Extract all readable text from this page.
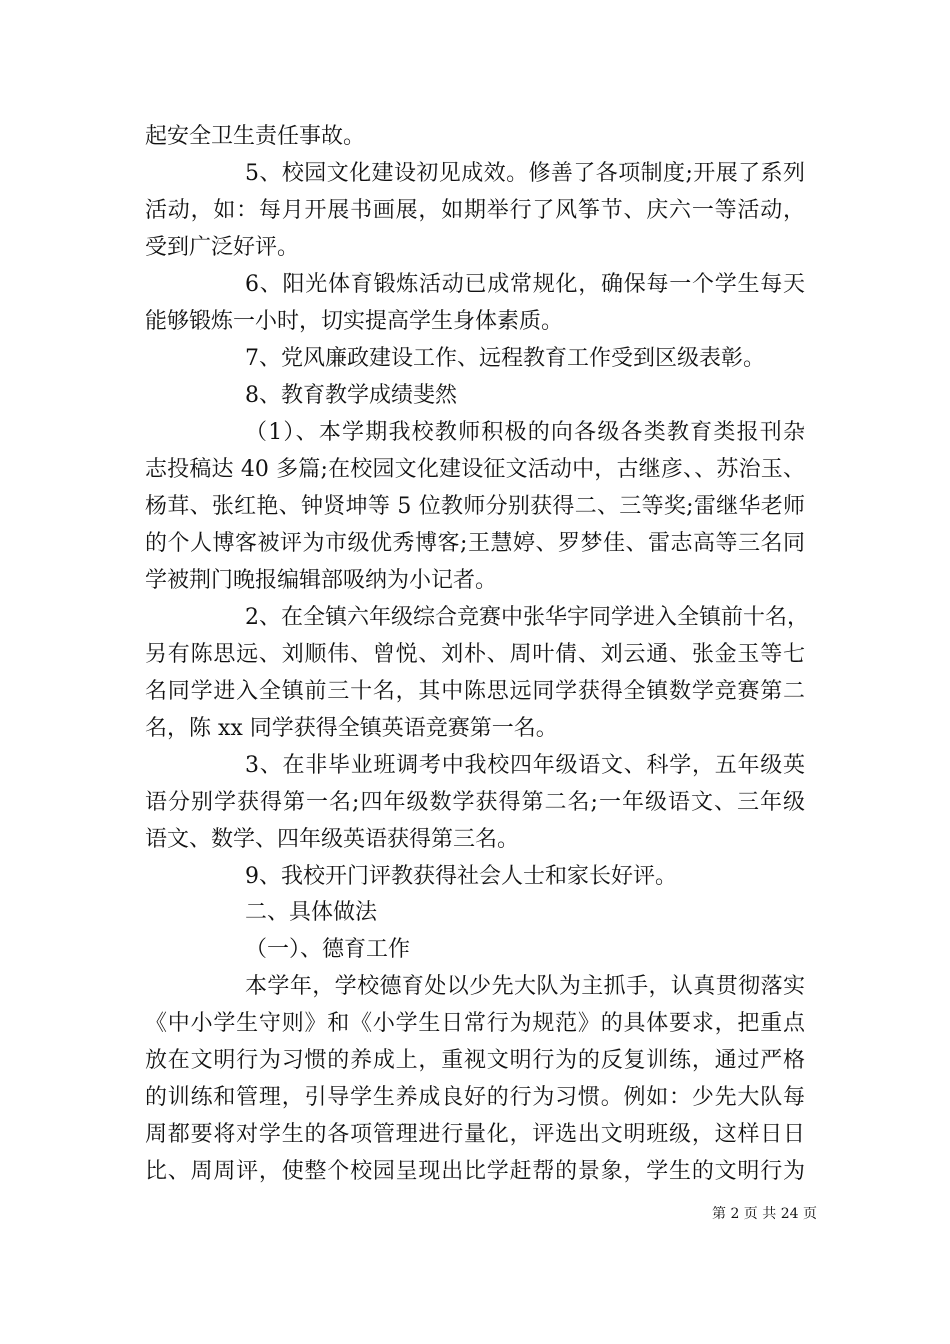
起安全卫生责任事故。
5、校园文化建设初见成效。修善了各项制度;开展了系列
活动，如：每月开展书画展，如期举行了风筝节、庆六一等活动，
受到广泛好评。
6、阳光体育锻炼活动已成常规化，确保每一个学生每天
能够锻炼一小时，切实提高学生身体素质。
7、党风廉政建设工作、远程教育工作受到区级表彰。
8、教育教学成绩斐然
（1）、本学期我校教师积极的向各级各类教育类报刊杂
志投稿达 40 多篇;在校园文化建设征文活动中，古继彦、、苏治玉、
杨茸、张红艳、钟贤坤等 5 位教师分别获得二、三等奖;雷继华老师
的个人博客被评为市级优秀博客;王慧婷、罗梦佳、雷志高等三名同
学被荆门晚报编辑部吸纳为小记者。
2、在全镇六年级综合竞赛中张华宇同学进入全镇前十名，
另有陈思远、刘顺伟、曾悦、刘朴、周叶倩、刘云通、张金玉等七
名同学进入全镇前三十名，其中陈思远同学获得全镇数学竞赛第二
名，陈 xx 同学获得全镇英语竞赛第一名。
3、在非毕业班调考中我校四年级语文、科学，五年级英
语分别学获得第一名;四年级数学获得第二名;一年级语文、三年级
语文、数学、四年级英语获得第三名。
9、我校开门评教获得社会人士和家长好评。
二、具体做法
（一）、德育工作
本学年，学校德育处以少先大队为主抓手，认真贯彻落实
《中小学生守则》和《小学生日常行为规范》的具体要求，把重点
放在文明行为习惯的养成上，重视文明行为的反复训练，通过严格
的训练和管理，引导学生养成良好的行为习惯。例如：少先大队每
周都要将对学生的各项管理进行量化，评选出文明班级，这样日日
比、周周评，使整个校园呈现出比学赶帮的景象，学生的文明行为
第 2 页 共 24 页
